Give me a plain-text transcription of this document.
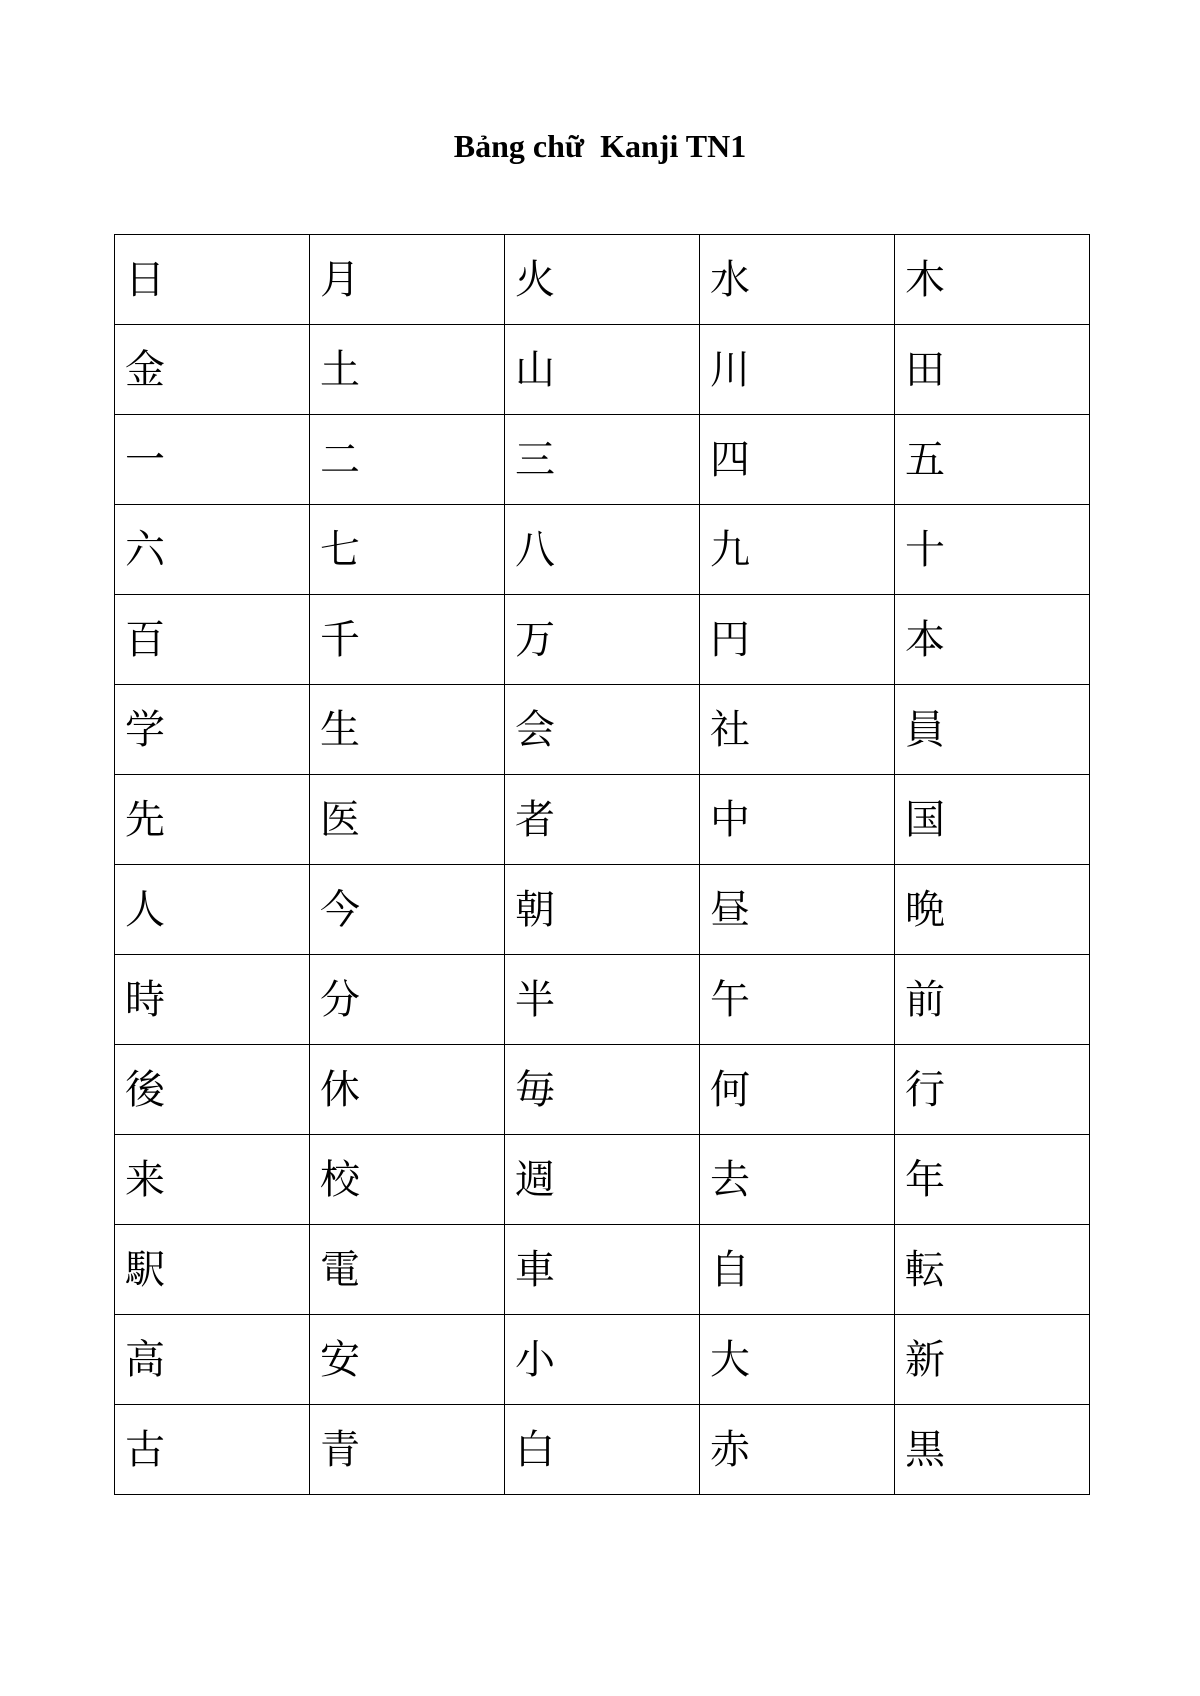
Bảng chữ  Kanji TN1
日	月	火	水	木
金	土	山	川	田
一	二	三	四	五
六	七	八	九	十
百	千	万	円	本
学	生	会	社	員
先	医	者	中	国
人	今	朝	昼	晩
時	分	半	午	前
後	休	毎	何	行
来	校	週	去	年
駅	電	車	自	転
高	安	小	大	新
古	青	白	赤	黒
